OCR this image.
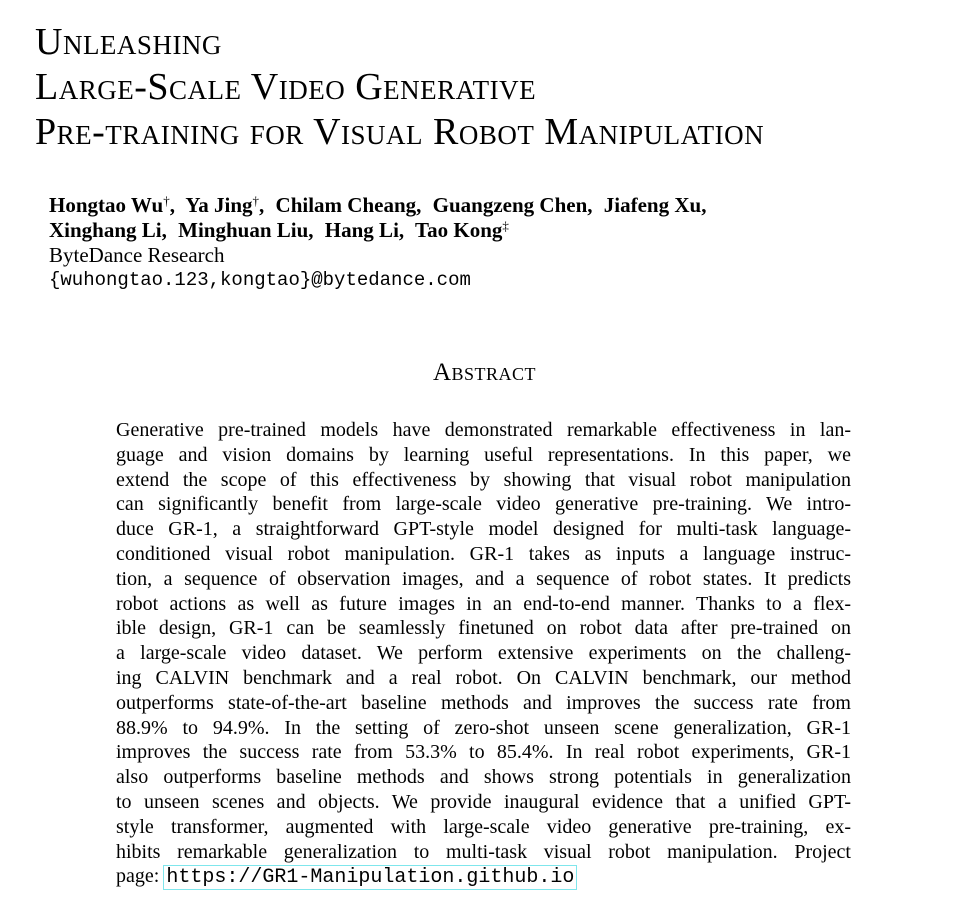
Unleashing
Large-Scale Video Generative
Pre-training for Visual Robot Manipulation
Hongtao Wu†, Ya Jing†, Chilam Cheang, Guangzeng Chen, Jiafeng Xu,
Xinghang Li, Minghuan Liu, Hang Li, Tao Kong‡
ByteDance Research
{wuhongtao.123,kongtao}@bytedance.com
Abstract
Generative pre-trained models have demonstrated remarkable effectiveness in lan-
guage and vision domains by learning useful representations. In this paper, we
extend the scope of this effectiveness by showing that visual robot manipulation
can significantly benefit from large-scale video generative pre-training. We intro-
duce GR-1, a straightforward GPT-style model designed for multi-task language-
conditioned visual robot manipulation. GR-1 takes as inputs a language instruc-
tion, a sequence of observation images, and a sequence of robot states. It predicts
robot actions as well as future images in an end-to-end manner. Thanks to a flex-
ible design, GR-1 can be seamlessly finetuned on robot data after pre-trained on
a large-scale video dataset. We perform extensive experiments on the challeng-
ing CALVIN benchmark and a real robot. On CALVIN benchmark, our method
outperforms state-of-the-art baseline methods and improves the success rate from
88.9% to 94.9%. In the setting of zero-shot unseen scene generalization, GR-1
improves the success rate from 53.3% to 85.4%. In real robot experiments, GR-1
also outperforms baseline methods and shows strong potentials in generalization
to unseen scenes and objects. We provide inaugural evidence that a unified GPT-
style transformer, augmented with large-scale video generative pre-training, ex-
hibits remarkable generalization to multi-task visual robot manipulation. Project
page: https://GR1-Manipulation.github.io
